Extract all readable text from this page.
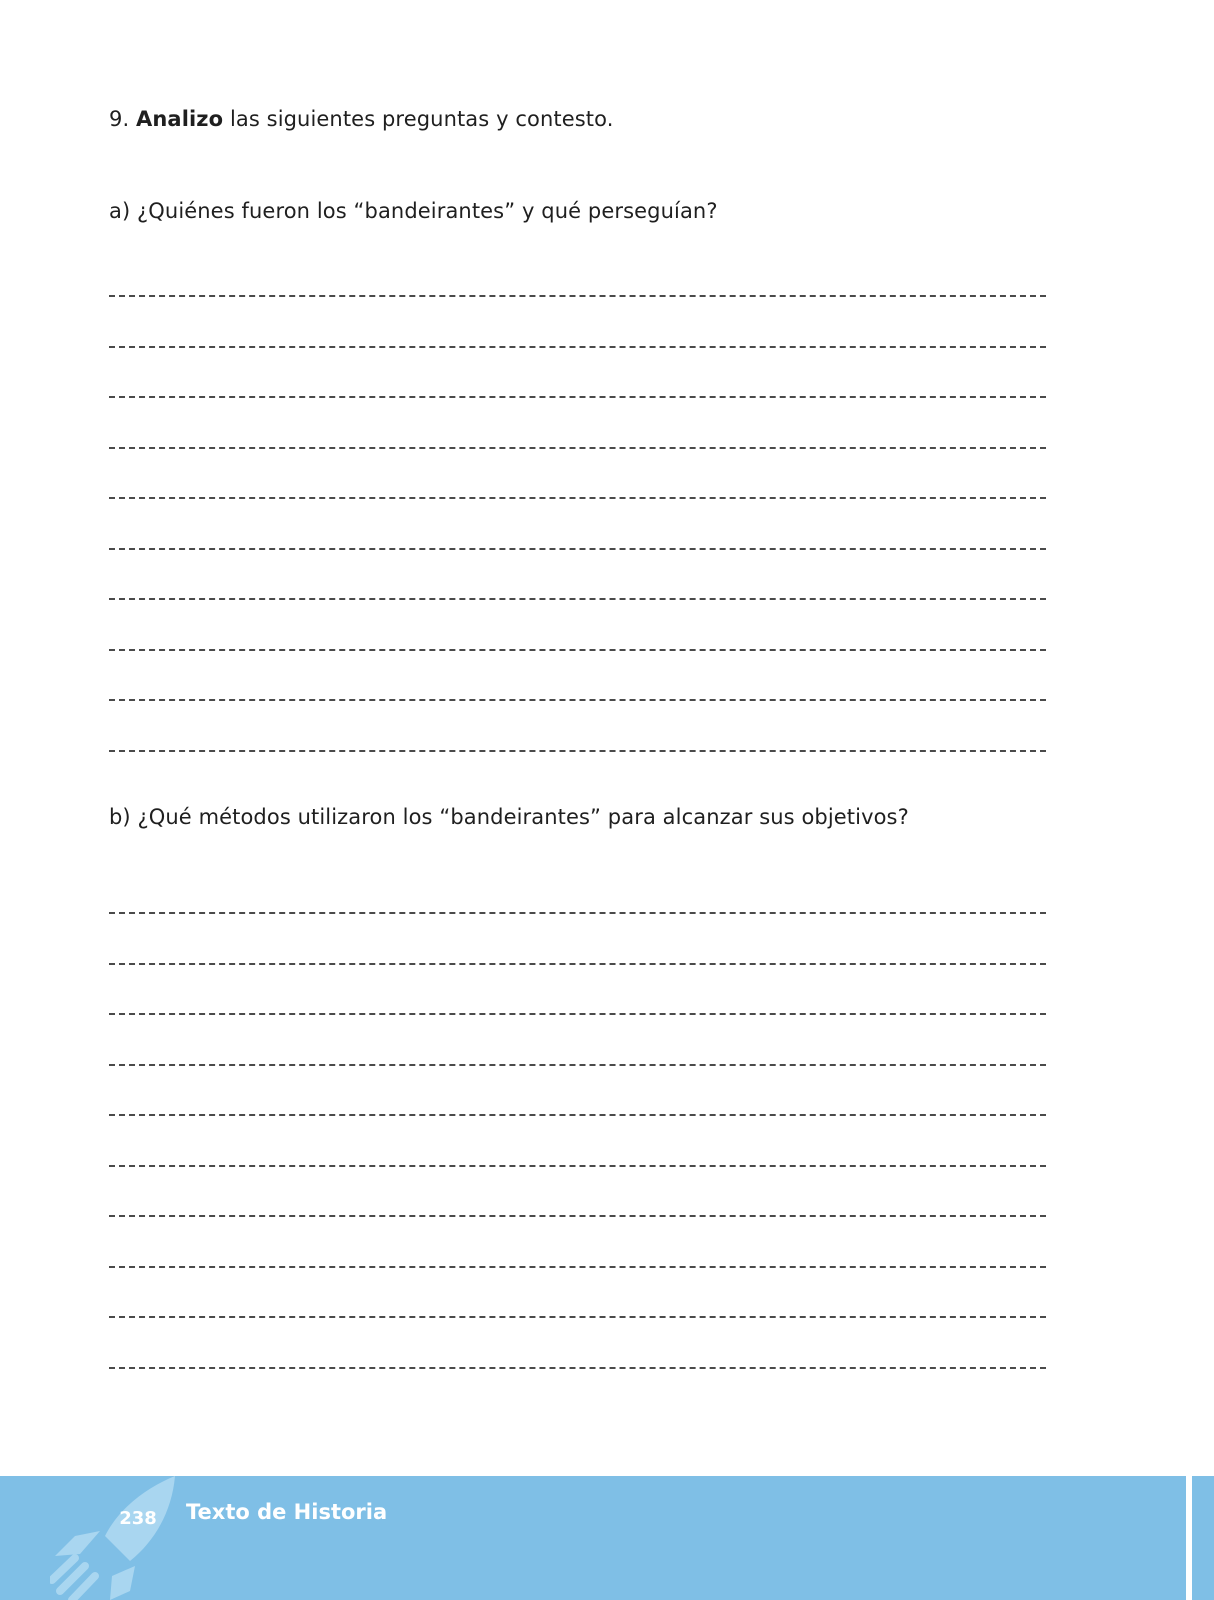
9. Analizo las siguientes preguntas y contesto.
a) ¿Quiénes fueron los “bandeirantes” y qué perseguían?
b) ¿Qué métodos utilizaron los “bandeirantes” para alcanzar sus objetivos?
238 Texto de Historia
